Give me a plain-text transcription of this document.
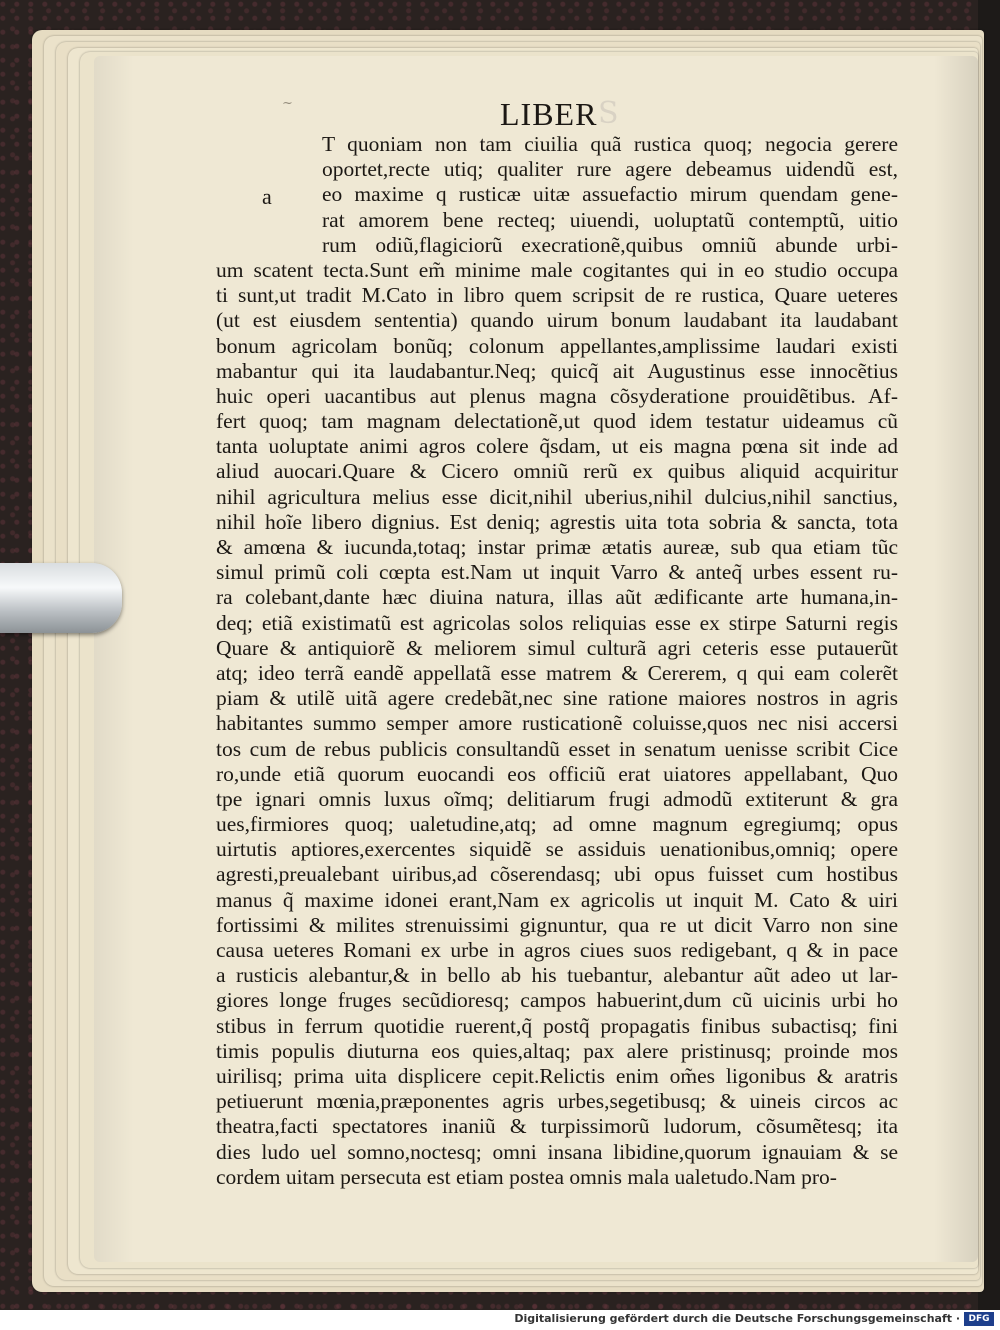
S
~	LIBER
a
T quoniam non tam ciuilia quã rustica quoq; negocia gerere
oportet,recte utiq; qualiter rure agere debeamus uidendũ est,
eo maxime q rusticæ uitæ assuefactio mirum quendam gene-
rat amorem bene recteq; uiuendi, uoluptatũ contemptũ, uitio
rum odiũ,flagiciorũ execrationẽ,quibus omniũ abunde urbi-
um scatent tecta.Sunt em̃ minime male cogitantes qui in eo studio occupa
ti sunt,ut tradit M.Cato in libro quem scripsit de re rustica, Quare ueteres
(ut est eiusdem sententia) quando uirum bonum laudabant ita laudabant
bonum agricolam bonũq; colonum appellantes,amplissime laudari existi
mabantur qui ita laudabantur.Neq; quicq̃ ait Augustinus esse innocẽtius
huic operi uacantibus aut plenus magna cõsyderatione prouidẽtibus. Af-
fert quoq; tam magnam delectationẽ,ut quod idem testatur uideamus cũ
tanta uoluptate animi agros colere q̃sdam, ut eis magna pœna sit inde ad
aliud auocari.Quare & Cicero omniũ rerũ ex quibus aliquid acquiritur
nihil agricultura melius esse dicit,nihil uberius,nihil dulcius,nihil sanctius,
nihil hoĩe libero dignius. Est deniq; agrestis uita tota sobria & sancta, tota
& amœna & iucunda,totaq; instar primæ ætatis aureæ, sub qua etiam tũc
simul primũ coli cœpta est.Nam ut inquit Varro & anteq̃ urbes essent ru-
ra colebant,dante hæc diuina natura, illas aũt ædificante arte humana,in-
deq; etiã existimatũ est agricolas solos reliquias esse ex stirpe Saturni regis
Quare & antiquiorẽ & meliorem simul culturã agri ceteris esse putauerũt
atq; ideo terrã eandẽ appellatã esse matrem & Cererem, q qui eam colerẽt
piam & utilẽ uitã agere credebãt,nec sine ratione maiores nostros in agris
habitantes summo semper amore rusticationẽ coluisse,quos nec nisi accersi
tos cum de rebus publicis consultandũ esset in senatum uenisse scribit Cice
ro,unde etiã quorum euocandi eos officiũ erat uiatores appellabant, Quo
tpe ignari omnis luxus oĩmq; delitiarum frugi admodũ extiterunt & gra
ues,firmiores quoq; ualetudine,atq; ad omne magnum egregiumq; opus
uirtutis aptiores,exercentes siquidẽ se assiduis uenationibus,omniq; opere
agresti,preualebant uiribus,ad cõserendasq; ubi opus fuisset cum hostibus
manus q̃ maxime idonei erant,Nam ex agricolis ut inquit M. Cato & uiri
fortissimi & milites strenuissimi gignuntur, qua re ut dicit Varro non sine
causa ueteres Romani ex urbe in agros ciues suos redigebant, q & in pace
a rusticis alebantur,& in bello ab his tuebantur, alebantur aũt adeo ut lar-
giores longe fruges secũdioresq; campos habuerint,dum cũ uicinis urbi ho
stibus in ferrum quotidie ruerent,q̃ postq̃ propagatis finibus subactisq; fini
timis populis diuturna eos quies,altaq; pax alere pristinusq; proinde mos
uirilisq; prima uita displicere cepit.Relictis enim om̃es ligonibus & aratris
petiuerunt mœnia,præponentes agris urbes,segetibusq; & uineis circos ac
theatra,facti spectatores inaniũ & turpissimorũ ludorum, cõsumẽtesq; ita
dies ludo uel somno,noctesq; omni insana libidine,quorum ignauiam & se
cordem uitam persecuta est etiam postea omnis mala ualetudo.Nam pro-
Digitalisierung gefördert durch die Deutsche Forschungsgemeinschaft · DFG
